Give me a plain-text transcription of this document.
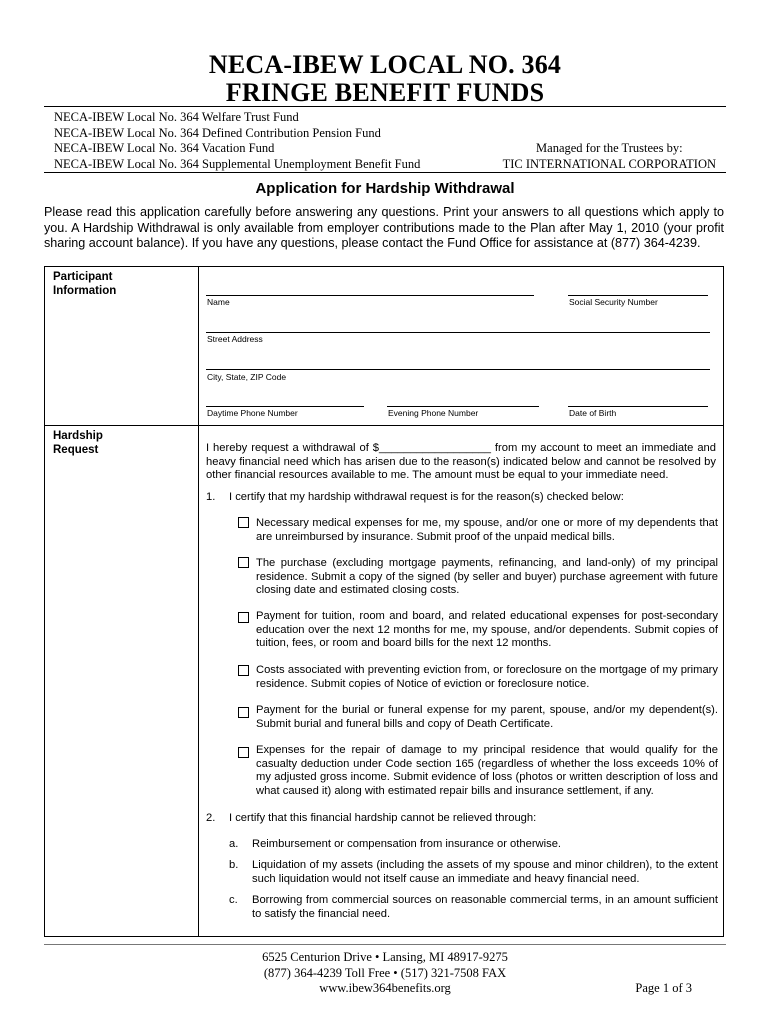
NECA-IBEW LOCAL NO. 364
FRINGE BENEFIT FUNDS
NECA-IBEW Local No. 364 Welfare Trust Fund
NECA-IBEW Local No. 364 Defined Contribution Pension Fund
NECA-IBEW Local No. 364 Vacation Fund
NECA-IBEW Local No. 364 Supplemental Unemployment Benefit Fund
Managed for the Trustees by:
TIC INTERNATIONAL CORPORATION
Application for Hardship Withdrawal
Please read this application carefully before answering any questions. Print your answers to all questions which apply to you. A Hardship Withdrawal is only available from employer contributions made to the Plan after May 1, 2010 (your profit sharing account balance). If you have any questions, please contact the Fund Office for assistance at (877) 364-4239.
Participant
Information
Name	Social Security Number
Street Address
City, State, ZIP Code
Daytime Phone Number	Evening Phone Number	Date of Birth
Hardship
Request	I hereby request a withdrawal of $__________________ from my account to meet an immediate and heavy financial need which has arisen due to the reason(s) indicated below and cannot be resolved by other financial resources available to me. The amount must be equal to your immediate need.
1. I certify that my hardship withdrawal request is for the reason(s) checked below:
Necessary medical expenses for me, my spouse, and/or one or more of my dependents that are unreimbursed by insurance. Submit proof of the unpaid medical bills.
The purchase (excluding mortgage payments, refinancing, and land-only) of my principal residence. Submit a copy of the signed (by seller and buyer) purchase agreement with future closing date and estimated closing costs.
Payment for tuition, room and board, and related educational expenses for post-secondary education over the next 12 months for me, my spouse, and/or dependents. Submit copies of tuition, fees, or room and board bills for the next 12 months.
Costs associated with preventing eviction from, or foreclosure on the mortgage of my primary residence. Submit copies of Notice of eviction or foreclosure notice.
Payment for the burial or funeral expense for my parent, spouse, and/or my dependent(s). Submit burial and funeral bills and copy of Death Certificate.
Expenses for the repair of damage to my principal residence that would qualify for the casualty deduction under Code section 165 (regardless of whether the loss exceeds 10% of my adjusted gross income. Submit evidence of loss (photos or written description of loss and what caused it) along with estimated repair bills and insurance settlement, if any.
2. I certify that this financial hardship cannot be relieved through:
a. Reimbursement or compensation from insurance or otherwise.
b. Liquidation of my assets (including the assets of my spouse and minor children), to the extent such liquidation would not itself cause an immediate and heavy financial need.
c. Borrowing from commercial sources on reasonable commercial terms, in an amount sufficient to satisfy the financial need.
6525 Centurion Drive • Lansing, MI 48917-9275
(877) 364-4239 Toll Free • (517) 321-7508 FAX
www.ibew364benefits.org	Page 1 of 3
